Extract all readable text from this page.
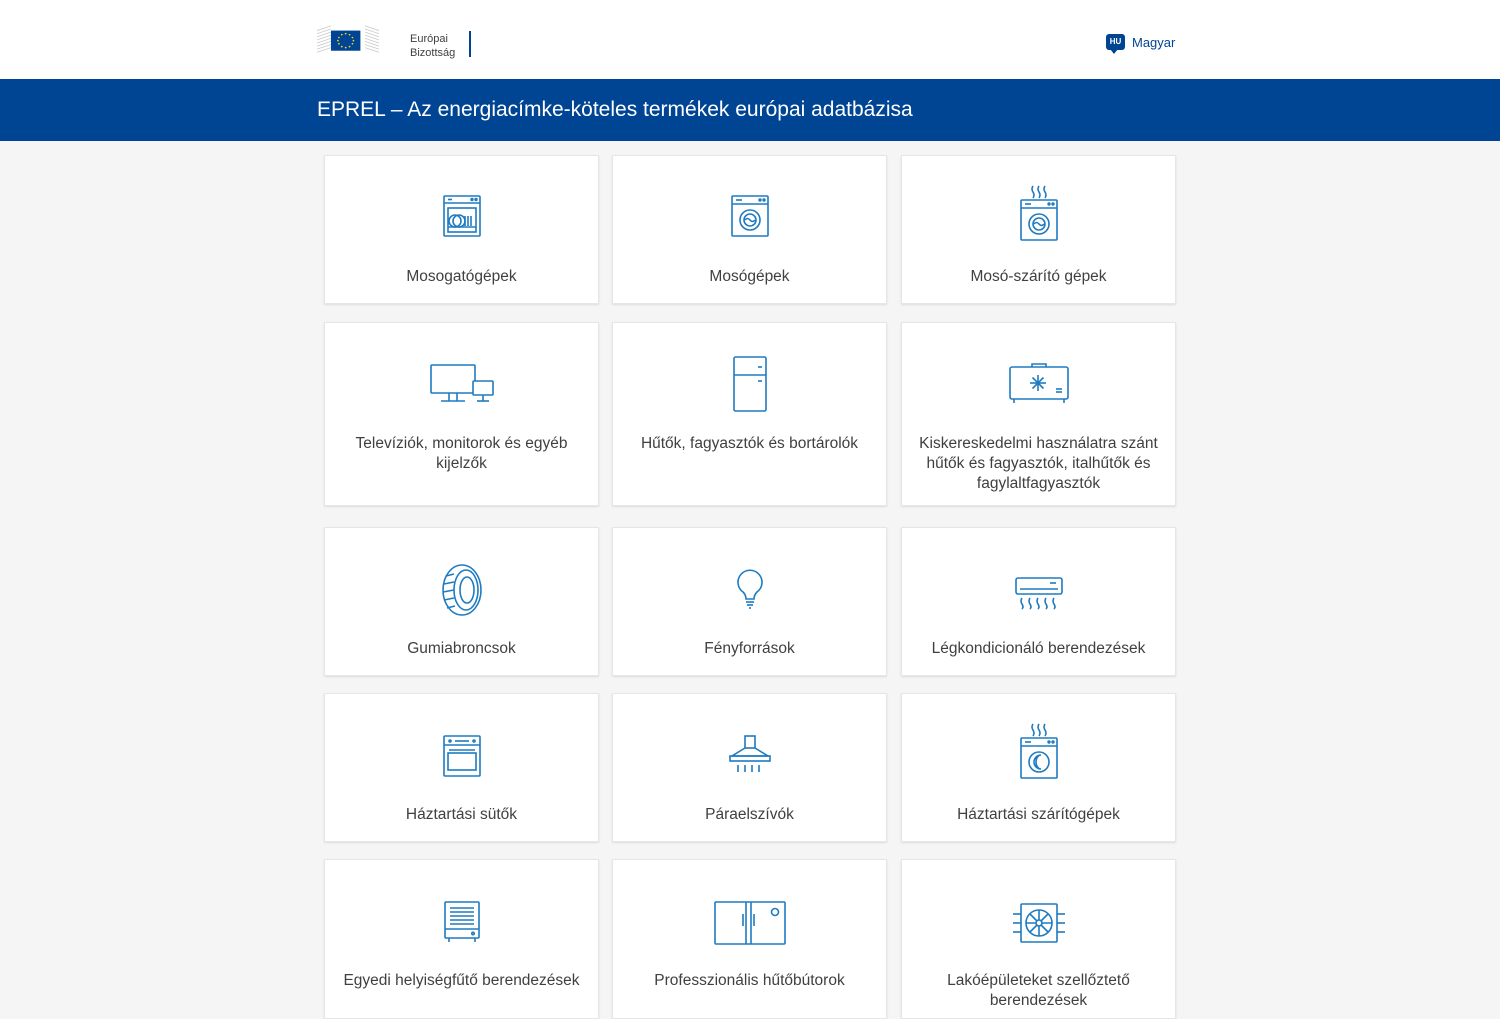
Európai
Bizottság
HU Magyar
EPREL – Az energiacímke-köteles termékek európai adatbázisa
Mosogatógépek	Mosógépek	Mosó-szárító gépek
Televíziók, monitorok és egyéb kijelzők
Hűtők, fagyasztók és bortárolók	Kiskereskedelmi használatra szánt hűtők és fagyasztók, italhűtők és fagylaltfagyasztók
Gumiabroncsok	Fényforrások	Légkondicionáló berendezések
Háztartási sütők	Páraelszívók	Háztartási szárítógépek
Egyedi helyiségfűtő berendezések	Professzionális hűtőbútorok	Lakóépületeket szellőztető berendezések
